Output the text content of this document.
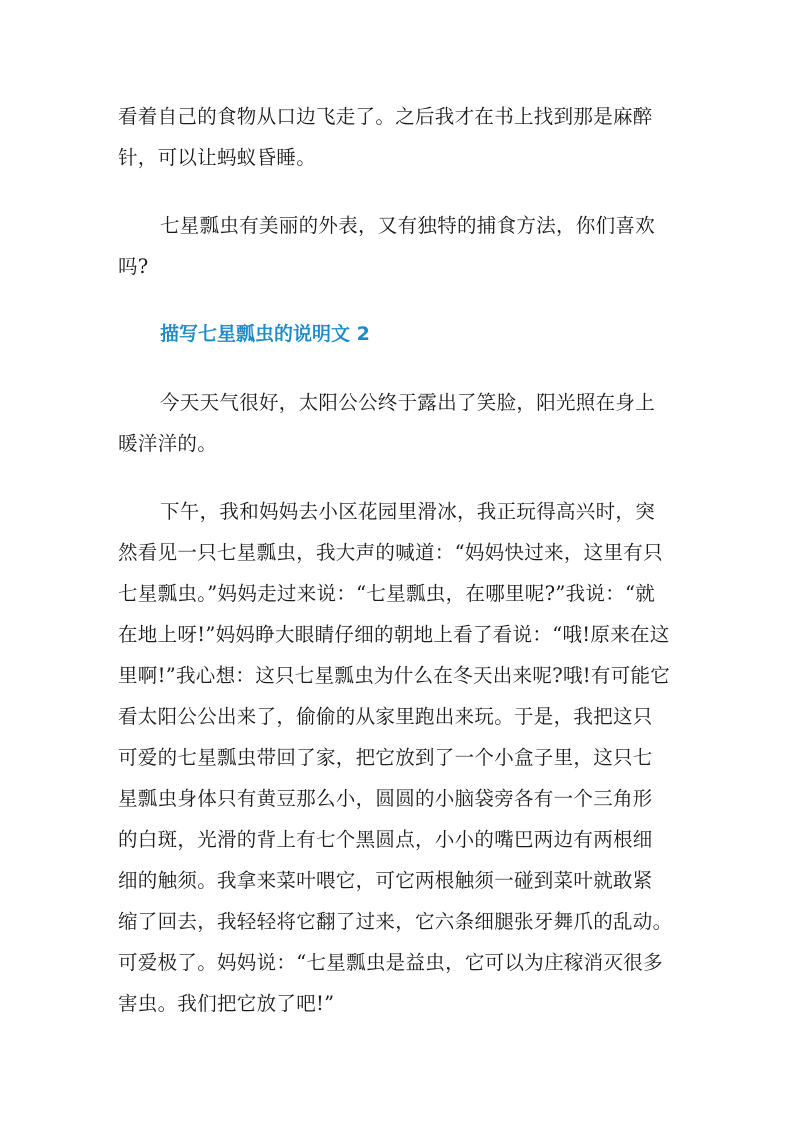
看着自己的食物从口边飞走了。之后我才在书上找到那是麻醉
针，可以让蚂蚁昏睡。
七星瓢虫有美丽的外表，又有独特的捕食方法，你们喜欢
吗?
描写七星瓢虫的说明文 2
今天天气很好，太阳公公终于露出了笑脸，阳光照在身上
暖洋洋的。
下午，我和妈妈去小区花园里滑冰，我正玩得高兴时，突
然看见一只七星瓢虫，我大声的喊道：“妈妈快过来，这里有只
七星瓢虫。”妈妈走过来说：“七星瓢虫，在哪里呢?”我说：“就
在地上呀!”妈妈睁大眼睛仔细的朝地上看了看说：“哦!原来在这
里啊!”我心想：这只七星瓢虫为什么在冬天出来呢?哦!有可能它
看太阳公公出来了，偷偷的从家里跑出来玩。于是，我把这只
可爱的七星瓢虫带回了家，把它放到了一个小盒子里，这只七
星瓢虫身体只有黄豆那么小，圆圆的小脑袋旁各有一个三角形
的白斑，光滑的背上有七个黑圆点，小小的嘴巴两边有两根细
细的触须。我拿来菜叶喂它，可它两根触须一碰到菜叶就敢紧
缩了回去，我轻轻将它翻了过来，它六条细腿张牙舞爪的乱动。
可爱极了。妈妈说：“七星瓢虫是益虫，它可以为庄稼消灭很多
害虫。我们把它放了吧!”
